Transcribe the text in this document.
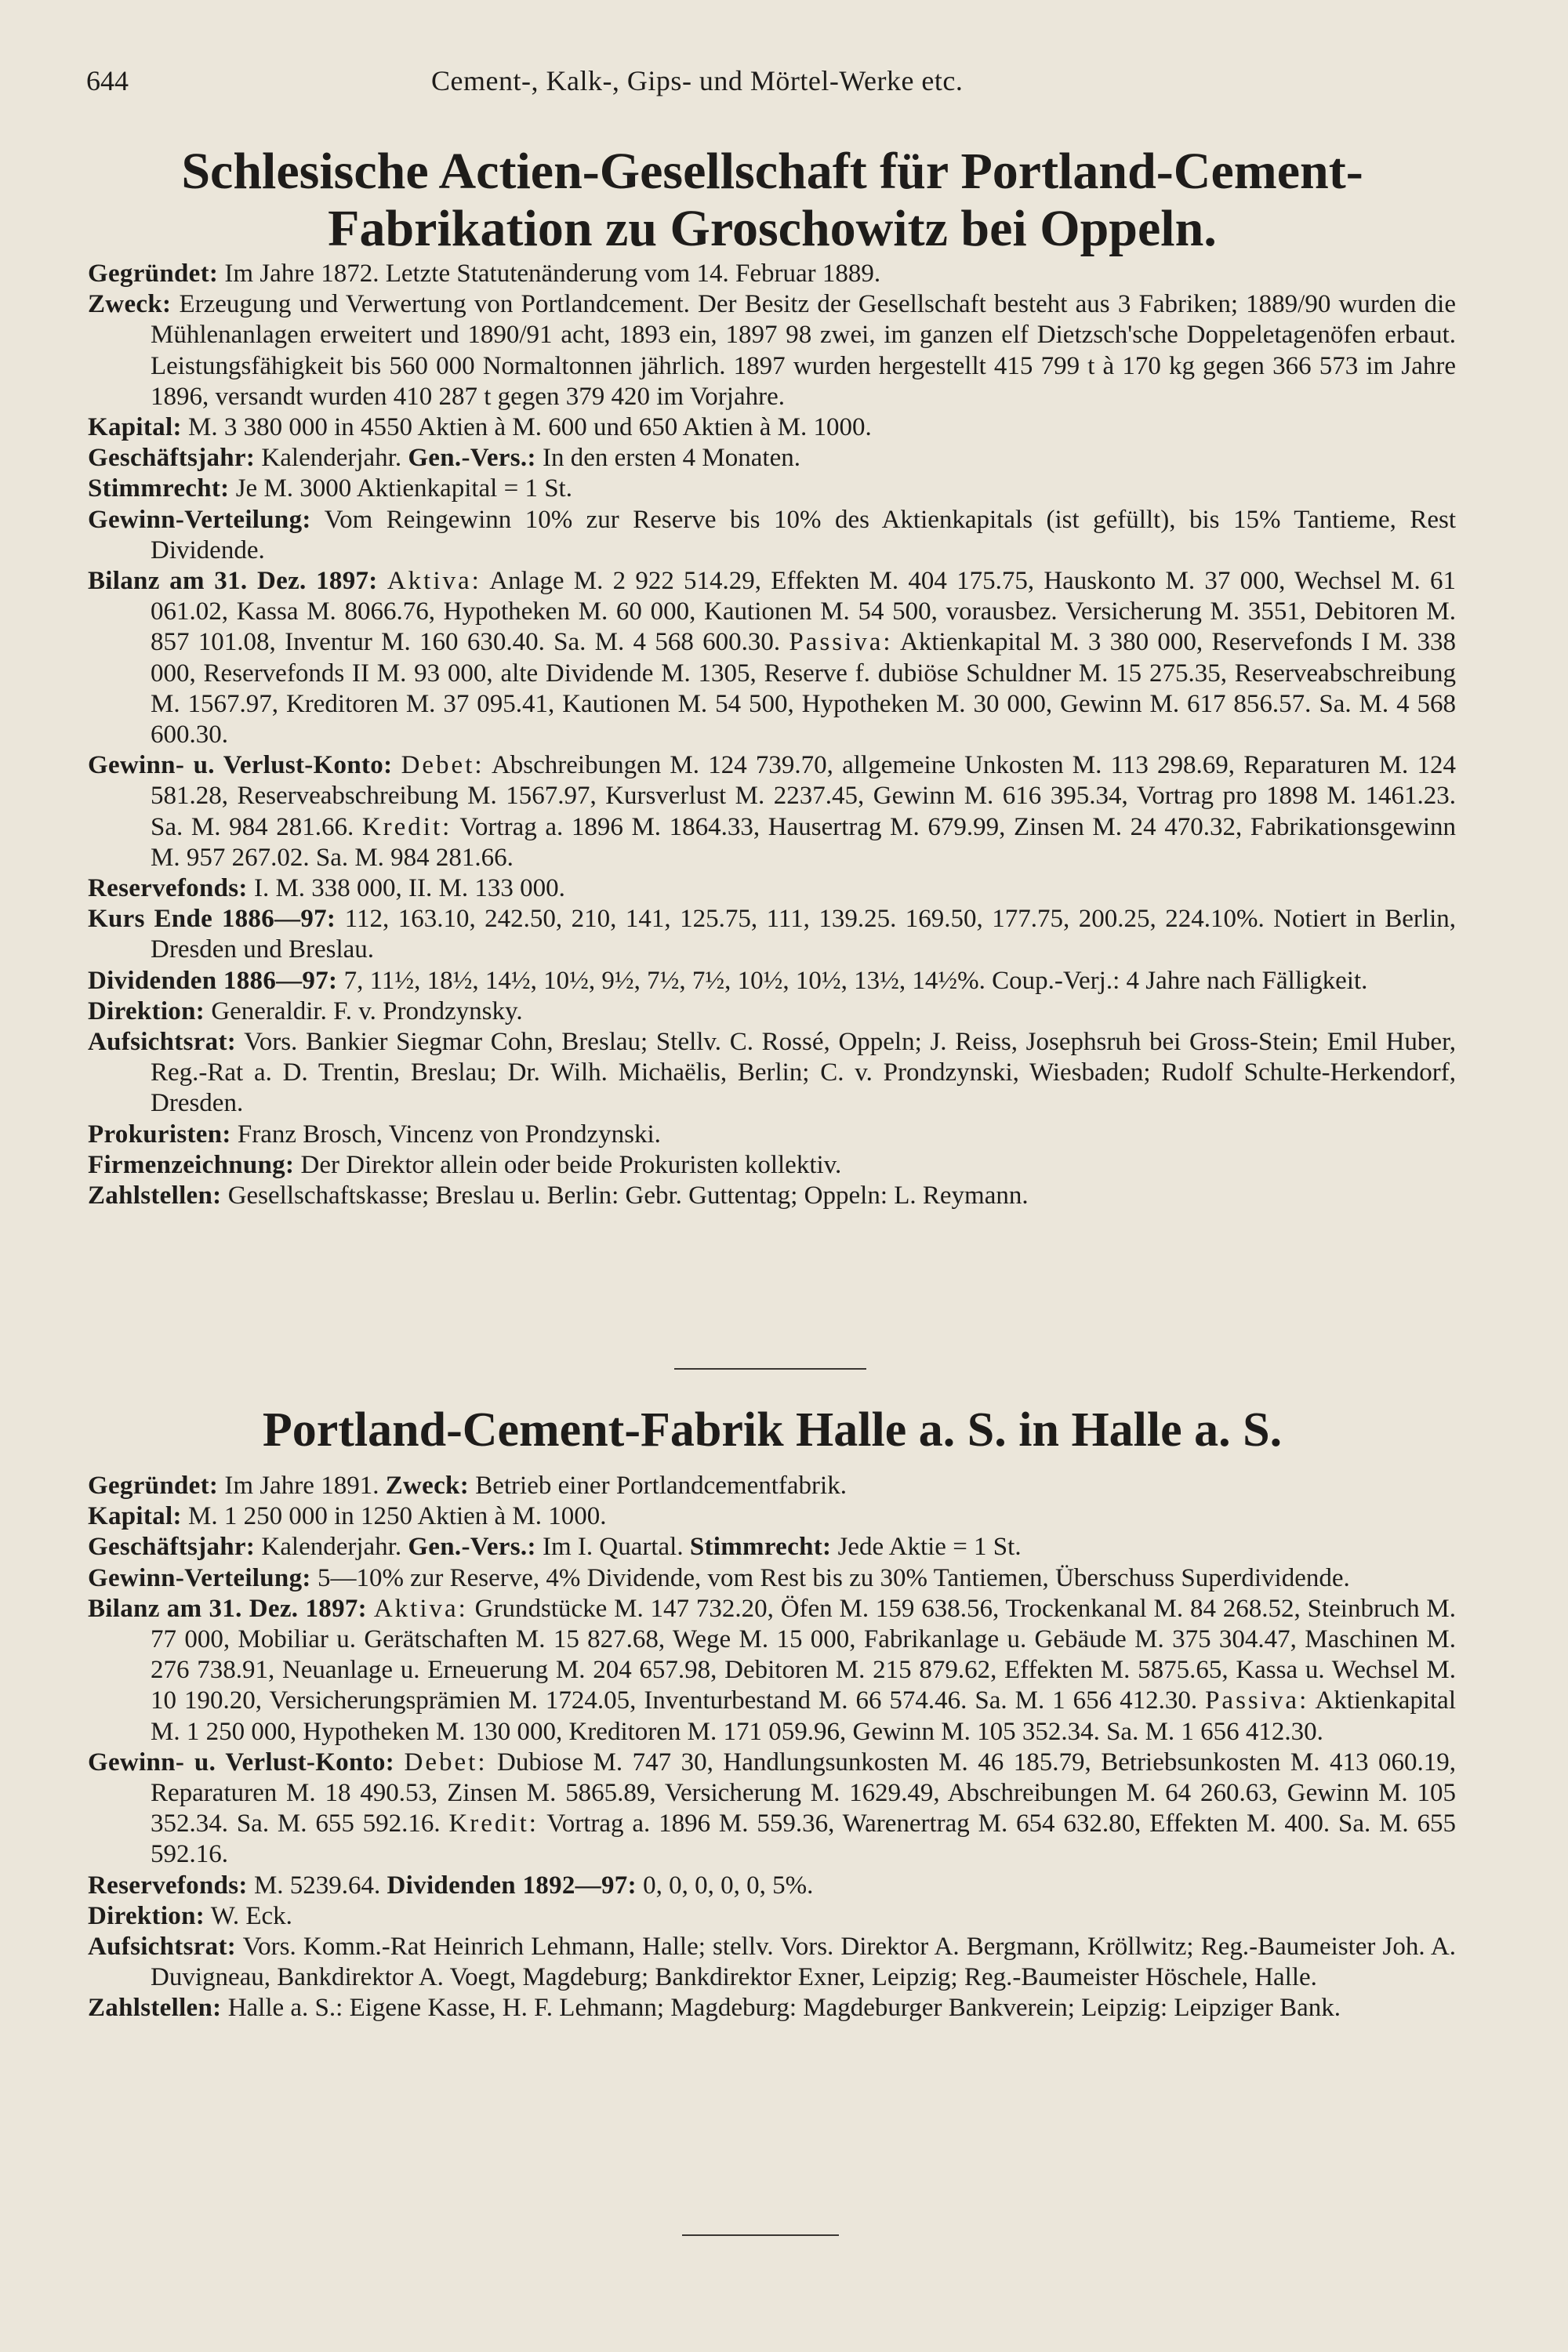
644	Cement-, Kalk-, Gips- und Mörtel-Werke etc.
Schlesische Actien-Gesellschaft für Portland-Cement-
Fabrikation zu Groschowitz bei Oppeln.
Gegründet: Im Jahre 1872. Letzte Statutenänderung vom 14. Februar 1889.
Zweck: Erzeugung und Verwertung von Portlandcement. Der Besitz der Gesellschaft besteht aus 3 Fabriken; 1889/90 wurden die Mühlenanlagen erweitert und 1890/91 acht, 1893 ein, 1897 98 zwei, im ganzen elf Dietzsch'sche Doppeletagenöfen erbaut. Leistungsfähigkeit bis 560 000 Normaltonnen jährlich. 1897 wurden hergestellt 415 799 t à 170 kg gegen 366 573 im Jahre 1896, versandt wurden 410 287 t gegen 379 420 im Vorjahre.
Kapital: M. 3 380 000 in 4550 Aktien à M. 600 und 650 Aktien à M. 1000.
Geschäftsjahr: Kalenderjahr. Gen.-Vers.: In den ersten 4 Monaten.
Stimmrecht: Je M. 3000 Aktienkapital = 1 St.
Gewinn-Verteilung: Vom Reingewinn 10% zur Reserve bis 10% des Aktienkapitals (ist gefüllt), bis 15% Tantieme, Rest Dividende.
Bilanz am 31. Dez. 1897: Aktiva: Anlage M. 2 922 514.29, Effekten M. 404 175.75, Hauskonto M. 37 000, Wechsel M. 61 061.02, Kassa M. 8066.76, Hypotheken M. 60 000, Kautionen M. 54 500, vorausbez. Versicherung M. 3551, Debitoren M. 857 101.08, Inventur M. 160 630.40. Sa. M. 4 568 600.30. Passiva: Aktienkapital M. 3 380 000, Reservefonds I M. 338 000, Reservefonds II M. 93 000, alte Dividende M. 1305, Reserve f. dubiöse Schuldner M. 15 275.35, Reserveabschreibung M. 1567.97, Kreditoren M. 37 095.41, Kautionen M. 54 500, Hypotheken M. 30 000, Gewinn M. 617 856.57. Sa. M. 4 568 600.30.
Gewinn- u. Verlust-Konto: Debet: Abschreibungen M. 124 739.70, allgemeine Unkosten M. 113 298.69, Reparaturen M. 124 581.28, Reserveabschreibung M. 1567.97, Kursverlust M. 2237.45, Gewinn M. 616 395.34, Vortrag pro 1898 M. 1461.23. Sa. M. 984 281.66. Kredit: Vortrag a. 1896 M. 1864.33, Hausertrag M. 679.99, Zinsen M. 24 470.32, Fabrikationsgewinn M. 957 267.02. Sa. M. 984 281.66.
Reservefonds: I. M. 338 000, II. M. 133 000.
Kurs Ende 1886—97: 112, 163.10, 242.50, 210, 141, 125.75, 111, 139.25. 169.50, 177.75, 200.25, 224.10%. Notiert in Berlin, Dresden und Breslau.
Dividenden 1886—97: 7, 11½, 18½, 14½, 10½, 9½, 7½, 7½, 10½, 10½, 13½, 14½%. Coup.-Verj.: 4 Jahre nach Fälligkeit.
Direktion: Generaldir. F. v. Prondzynsky.
Aufsichtsrat: Vors. Bankier Siegmar Cohn, Breslau; Stellv. C. Rossé, Oppeln; J. Reiss, Josephsruh bei Gross-Stein; Emil Huber, Reg.-Rat a. D. Trentin, Breslau; Dr. Wilh. Michaëlis, Berlin; C. v. Prondzynski, Wiesbaden; Rudolf Schulte-Herkendorf, Dresden.
Prokuristen: Franz Brosch, Vincenz von Prondzynski.
Firmenzeichnung: Der Direktor allein oder beide Prokuristen kollektiv.
Zahlstellen: Gesellschaftskasse; Breslau u. Berlin: Gebr. Guttentag; Oppeln: L. Reymann.
Portland-Cement-Fabrik Halle a. S. in Halle a. S.
Gegründet: Im Jahre 1891. Zweck: Betrieb einer Portlandcementfabrik.
Kapital: M. 1 250 000 in 1250 Aktien à M. 1000.
Geschäftsjahr: Kalenderjahr. Gen.-Vers.: Im I. Quartal. Stimmrecht: Jede Aktie = 1 St.
Gewinn-Verteilung: 5—10% zur Reserve, 4% Dividende, vom Rest bis zu 30% Tantiemen, Überschuss Superdividende.
Bilanz am 31. Dez. 1897: Aktiva: Grundstücke M. 147 732.20, Öfen M. 159 638.56, Trockenkanal M. 84 268.52, Steinbruch M. 77 000, Mobiliar u. Gerätschaften M. 15 827.68, Wege M. 15 000, Fabrikanlage u. Gebäude M. 375 304.47, Maschinen M. 276 738.91, Neuanlage u. Erneuerung M. 204 657.98, Debitoren M. 215 879.62, Effekten M. 5875.65, Kassa u. Wechsel M. 10 190.20, Versicherungsprämien M. 1724.05, Inventurbestand M. 66 574.46. Sa. M. 1 656 412.30. Passiva: Aktienkapital M. 1 250 000, Hypotheken M. 130 000, Kreditoren M. 171 059.96, Gewinn M. 105 352.34. Sa. M. 1 656 412.30.
Gewinn- u. Verlust-Konto: Debet: Dubiose M. 747 30, Handlungsunkosten M. 46 185.79, Betriebsunkosten M. 413 060.19, Reparaturen M. 18 490.53, Zinsen M. 5865.89, Versicherung M. 1629.49, Abschreibungen M. 64 260.63, Gewinn M. 105 352.34. Sa. M. 655 592.16. Kredit: Vortrag a. 1896 M. 559.36, Warenertrag M. 654 632.80, Effekten M. 400. Sa. M. 655 592.16.
Reservefonds: M. 5239.64. Dividenden 1892—97: 0, 0, 0, 0, 0, 5%.
Direktion: W. Eck.
Aufsichtsrat: Vors. Komm.-Rat Heinrich Lehmann, Halle; stellv. Vors. Direktor A. Bergmann, Kröllwitz; Reg.-Baumeister Joh. A. Duvigneau, Bankdirektor A. Voegt, Magdeburg; Bankdirektor Exner, Leipzig; Reg.-Baumeister Höschele, Halle.
Zahlstellen: Halle a. S.: Eigene Kasse, H. F. Lehmann; Magdeburg: Magdeburger Bankverein; Leipzig: Leipziger Bank.
